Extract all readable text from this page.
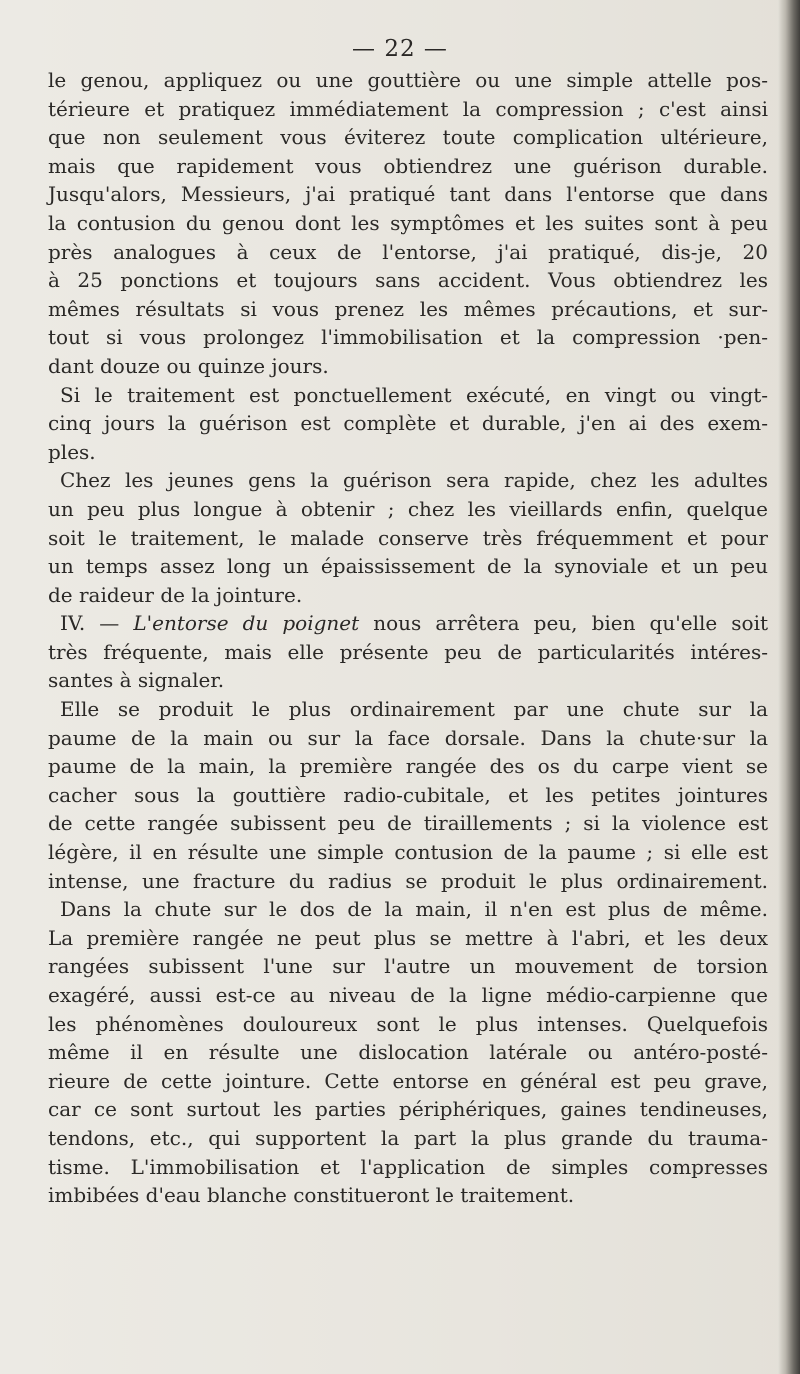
— 22 —
le genou, appliquez ou une gouttière ou une simple attelle pos-
térieure et pratiquez immédiatement la compression ; c'est ainsi
que non seulement vous éviterez toute complication ultérieure,
mais que rapidement vous obtiendrez une guérison durable.
Jusqu'alors, Messieurs, j'ai pratiqué tant dans l'entorse que dans
la contusion du genou dont les symptômes et les suites sont à peu
près analogues à ceux de l'entorse, j'ai pratiqué, dis-je, 20
à 25 ponctions et toujours sans accident. Vous obtiendrez les
mêmes résultats si vous prenez les mêmes précautions, et sur-
tout si vous prolongez l'immobilisation et la compression ·pen-
dant douze ou quinze jours.
Si le traitement est ponctuellement exécuté, en vingt ou vingt-
cinq jours la guérison est complète et durable, j'en ai des exem-
ples.
Chez les jeunes gens la guérison sera rapide, chez les adultes
un peu plus longue à obtenir ; chez les vieillards enfin, quelque
soit le traitement, le malade conserve très fréquemment et pour
un temps assez long un épaississement de la synoviale et un peu
de raideur de la jointure.
IV. — L'entorse du poignet nous arrêtera peu, bien qu'elle soit
très fréquente, mais elle présente peu de particularités intéres-
santes à signaler.
Elle se produit le plus ordinairement par une chute sur la
paume de la main ou sur la face dorsale. Dans la chute·sur la
paume de la main, la première rangée des os du carpe vient se
cacher sous la gouttière radio-cubitale, et les petites jointures
de cette rangée subissent peu de tiraillements ; si la violence est
légère, il en résulte une simple contusion de la paume ; si elle est
intense, une fracture du radius se produit le plus ordinairement.
Dans la chute sur le dos de la main, il n'en est plus de même.
La première rangée ne peut plus se mettre à l'abri, et les deux
rangées subissent l'une sur l'autre un mouvement de torsion
exagéré, aussi est-ce au niveau de la ligne médio-carpienne que
les phénomènes douloureux sont le plus intenses. Quelquefois
même il en résulte une dislocation latérale ou antéro-posté-
rieure de cette jointure. Cette entorse en général est peu grave,
car ce sont surtout les parties périphériques, gaines tendineuses,
tendons, etc., qui supportent la part la plus grande du trauma-
tisme. L'immobilisation et l'application de simples compresses
imbibées d'eau blanche constitueront le traitement.
